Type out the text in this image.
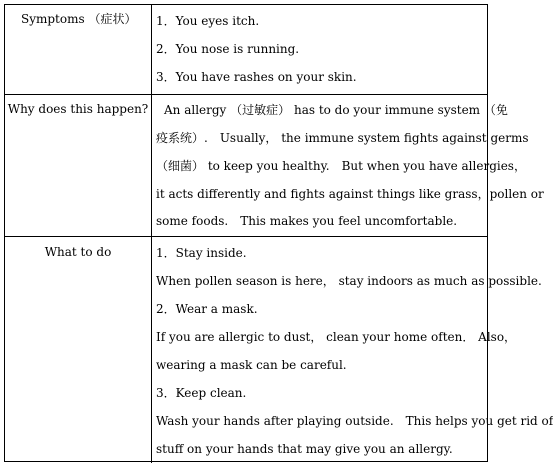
Symptoms （症状）	1．You eyes itch.
2．You nose is running.
3．You have rashes on your skin.
Why does this happen? An allergy （过敏症） has to do your immune system （免
疫系统）.　Usually， the immune system fights against germs
（细菌） to keep you healthy.　But when you have allergies，
it acts differently and fights against things like grass，pollen or
some foods.　This makes you feel uncomfortable.
What to do	1．Stay inside.
When pollen season is here， stay indoors as much as possible.
2．Wear a mask.
If you are allergic to dust， clean your home often． Also，
wearing a mask can be careful.
3．Keep clean.
Wash your hands after playing outside.　This helps you get rid of
stuff on your hands that may give you an allergy.
